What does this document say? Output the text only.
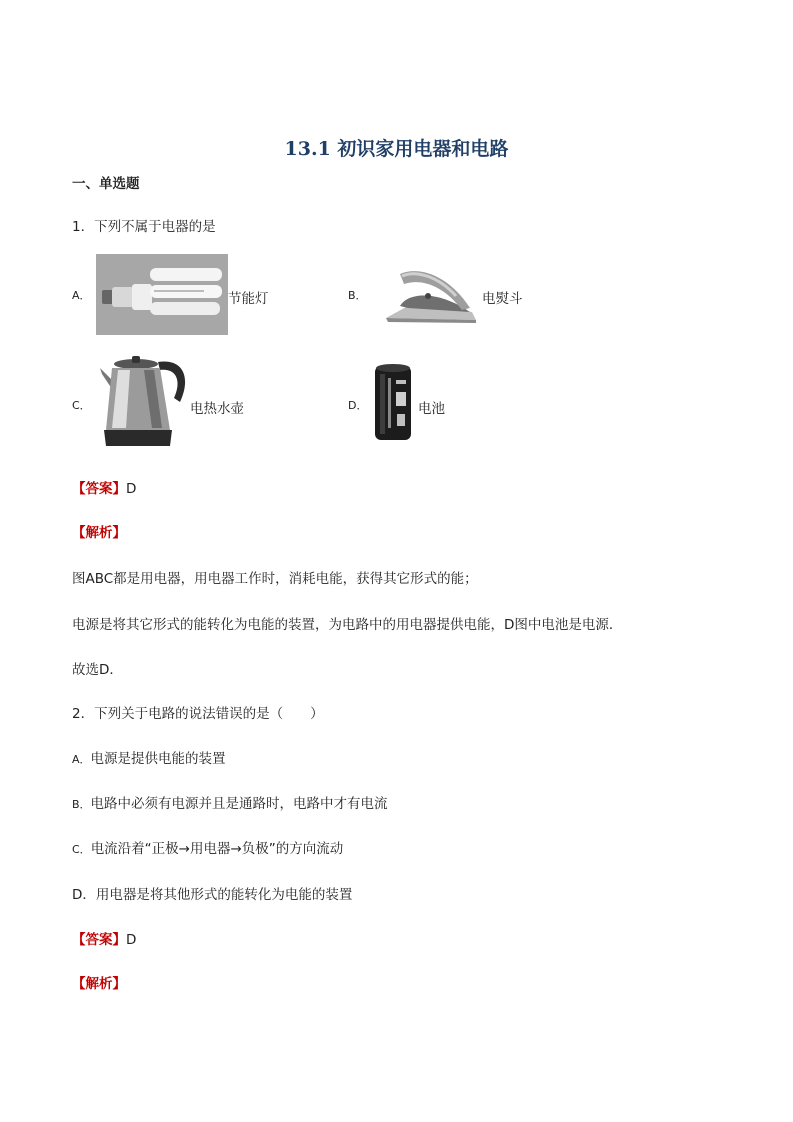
13.1 初识家用电器和电路
一、单选题
1．下列不属于电器的是
A．	节能灯	B．	电熨斗
C．	电热水壶	D．	电池
【答案】D
【解析】
图ABC都是用电器，用电器工作时，消耗电能，获得其它形式的能；
电源是将其它形式的能转化为电能的装置，为电路中的用电器提供电能，D图中电池是电源．
故选D．
2．下列关于电路的说法错误的是（　　）
A．电源是提供电能的装置
B．电路中必须有电源并且是通路时，电路中才有电流
C．电流沿着“正极→用电器→负极”的方向流动
D．用电器是将其他形式的能转化为电能的装置
【答案】D
【解析】
